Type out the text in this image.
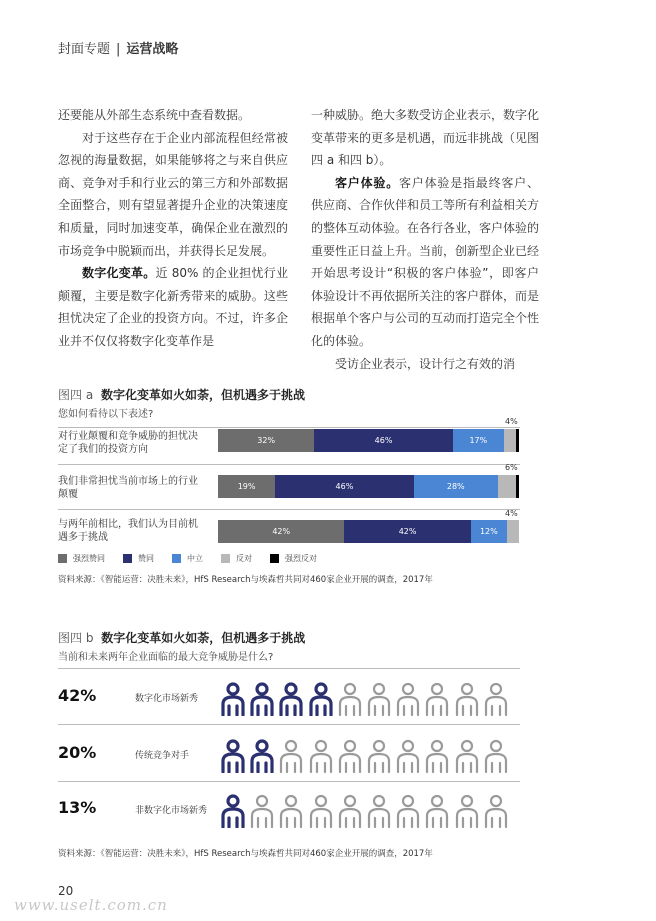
封面专题 | 运营战略

还要能从外部生态系统中查看数据。

对于这些存在于企业内部流程但经常被忽视的海量数据，如果能够将之与来自供应商、竞争对手和行业云的第三方和外部数据全面整合，则有望显著提升企业的决策速度和质量，同时加速变革，确保企业在激烈的市场竞争中脱颖而出，并获得长足发展。

数字化变革。近 80% 的企业担忧行业颠覆，主要是数字化新秀带来的威胁。这些担忧决定了企业的投资方向。不过，许多企业并不仅仅将数字化变革作是

一种威胁。绝大多数受访企业表示，数字化变革带来的更多是机遇，而远非挑战（见图四 a 和四 b）。

客户体验。客户体验是指最终客户、供应商、合作伙伴和员工等所有利益相关方的整体互动体验。在各行各业，客户体验的重要性正日益上升。当前，创新型企业已经开始思考设计“积极的客户体验”，即客户体验设计不再依据所关注的客户群体，而是根据单个客户与公司的互动而打造完全个性化的体验。

受访企业表示，设计行之有效的消

图四 a 数字化变革如火如荼，但机遇多于挑战
您如何看待以下表述?
对行业颠覆和竞争威胁的担忧决
定了我们的投资方向
32%	46%	17%
4%
我们非常担忧当前市场上的行业
颠覆
19%	46%	28%
6%
与两年前相比，我们认为目前机
遇多于挑战
42%	42%	12%
4%
强烈赞同	赞同	中立	反对	强烈反对
资料来源：《智能运营：决胜未来》，HfS Research与埃森哲共同对460家企业开展的调查，2017年
图四 b 数字化变革如火如荼，但机遇多于挑战
当前和未来两年企业面临的最大竞争威胁是什么?
42%	数字化市场新秀
20%	传统竞争对手
13%	非数字化市场新秀
资料来源：《智能运营：决胜未来》，HfS Research与埃森哲共同对460家企业开展的调查，2017年
20
www.uselt.com.cn
